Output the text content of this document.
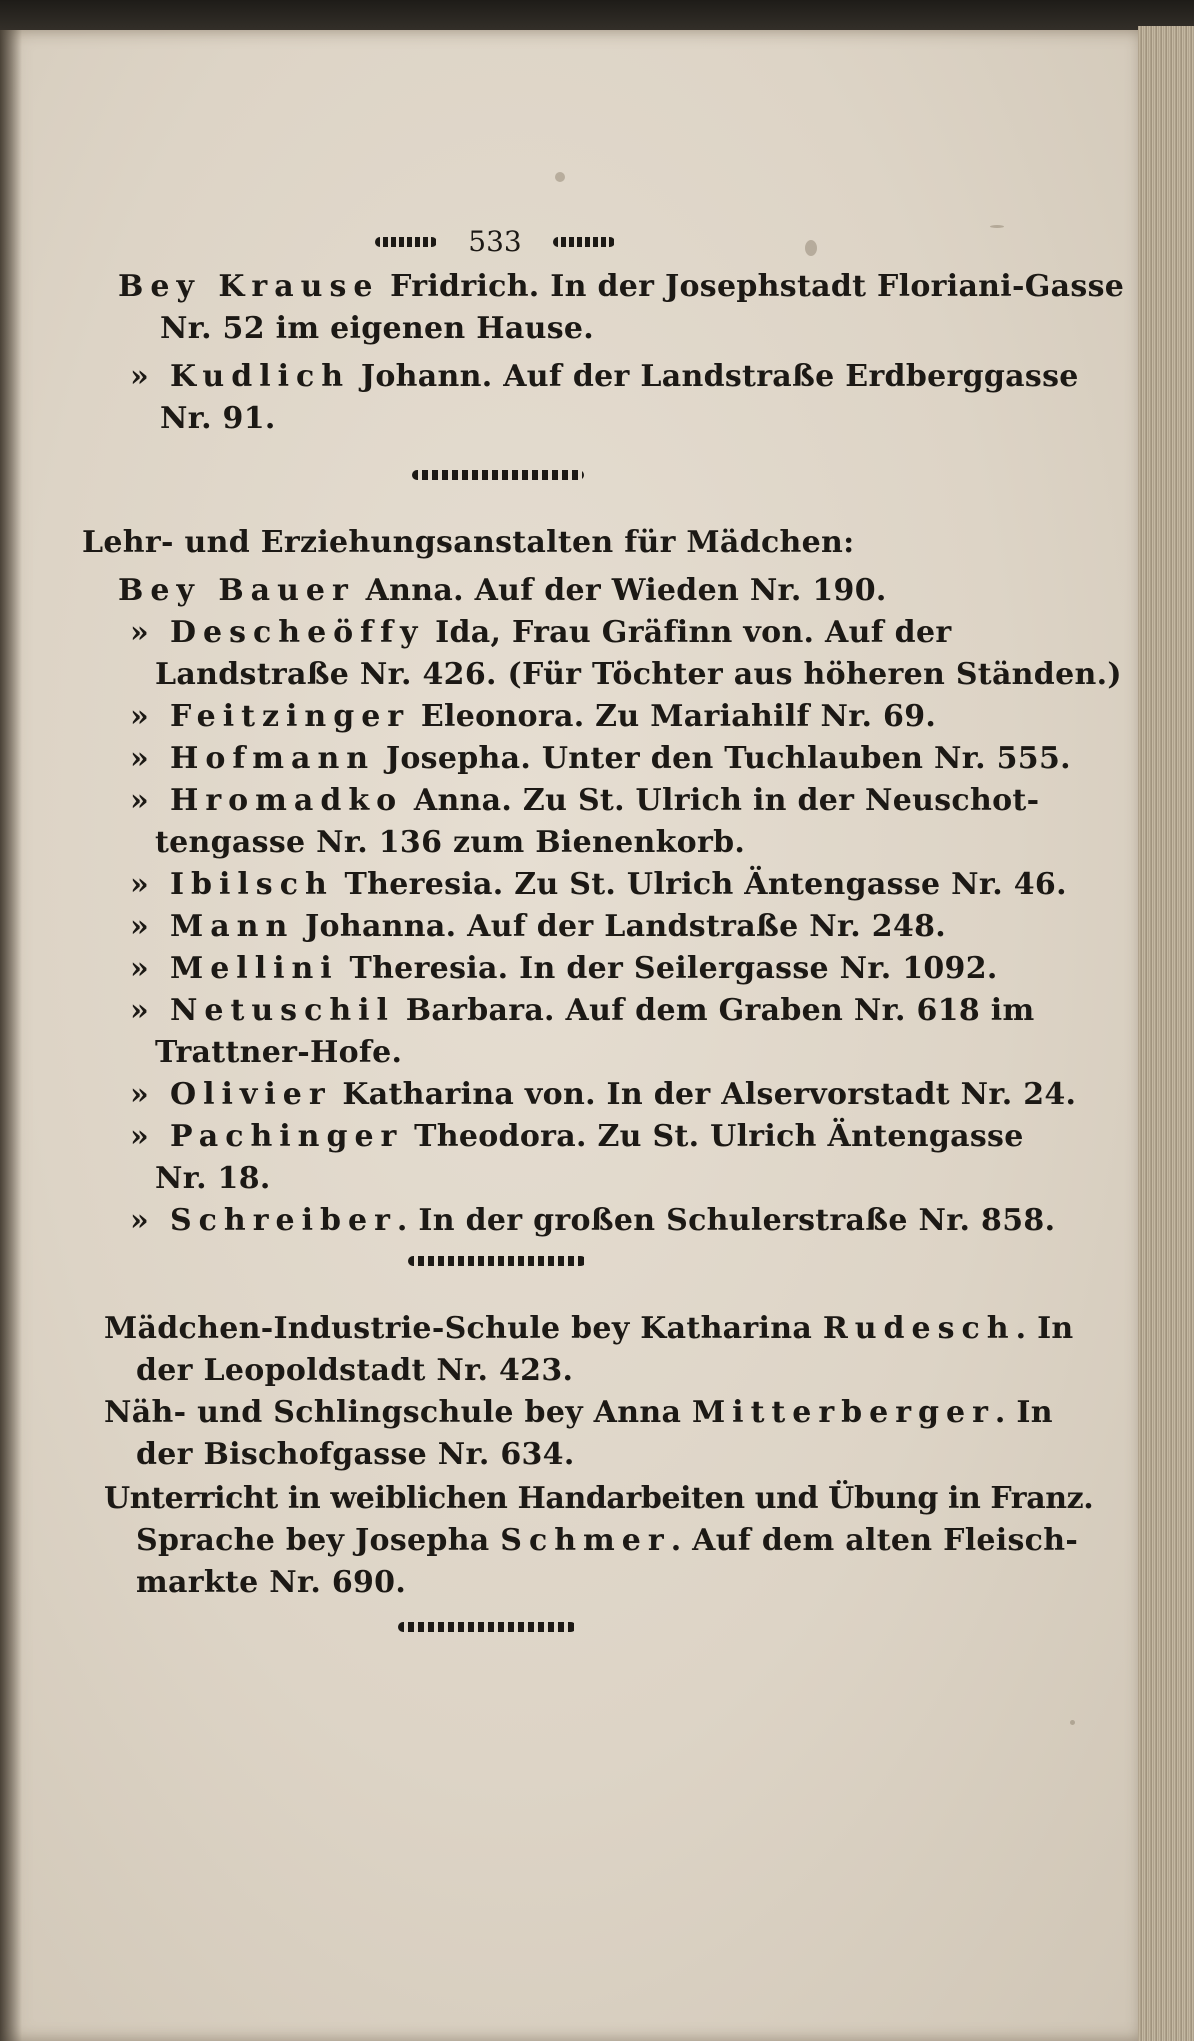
533
Bey Krause Fridrich. In der Josephstadt Floriani-Gasse
Nr. 52 im eigenen Hause.
» Kudlich Johann. Auf der Landstraße Erdberggasse
Nr. 91.
Lehr- und Erziehungsanstalten für Mädchen:
Bey Bauer Anna. Auf der Wieden Nr. 190.
» Descheöffy Ida, Frau Gräfinn von. Auf der
Landstraße Nr. 426. (Für Töchter aus höheren Ständen.)
» Feitzinger Eleonora. Zu Mariahilf Nr. 69.
» Hofmann Josepha. Unter den Tuchlauben Nr. 555.
» Hromadko Anna. Zu St. Ulrich in der Neuschot-
tengasse Nr. 136 zum Bienenkorb.
» Ibilsch Theresia. Zu St. Ulrich Äntengasse Nr. 46.
» Mann Johanna. Auf der Landstraße Nr. 248.
» Mellini Theresia. In der Seilergasse Nr. 1092.
» Netuschil Barbara. Auf dem Graben Nr. 618 im
Trattner-Hofe.
» Olivier Katharina von. In der Alservorstadt Nr. 24.
» Pachinger Theodora. Zu St. Ulrich Äntengasse
Nr. 18.
» Schreiber. In der großen Schulerstraße Nr. 858.
Mädchen-Industrie-Schule bey Katharina Rudesch. In
der Leopoldstadt Nr. 423.
Näh- und Schlingschule bey Anna Mitterberger. In
der Bischofgasse Nr. 634.
Unterricht in weiblichen Handarbeiten und Übung in Franz.
Sprache bey Josepha Schmer. Auf dem alten Fleisch-
markte Nr. 690.
